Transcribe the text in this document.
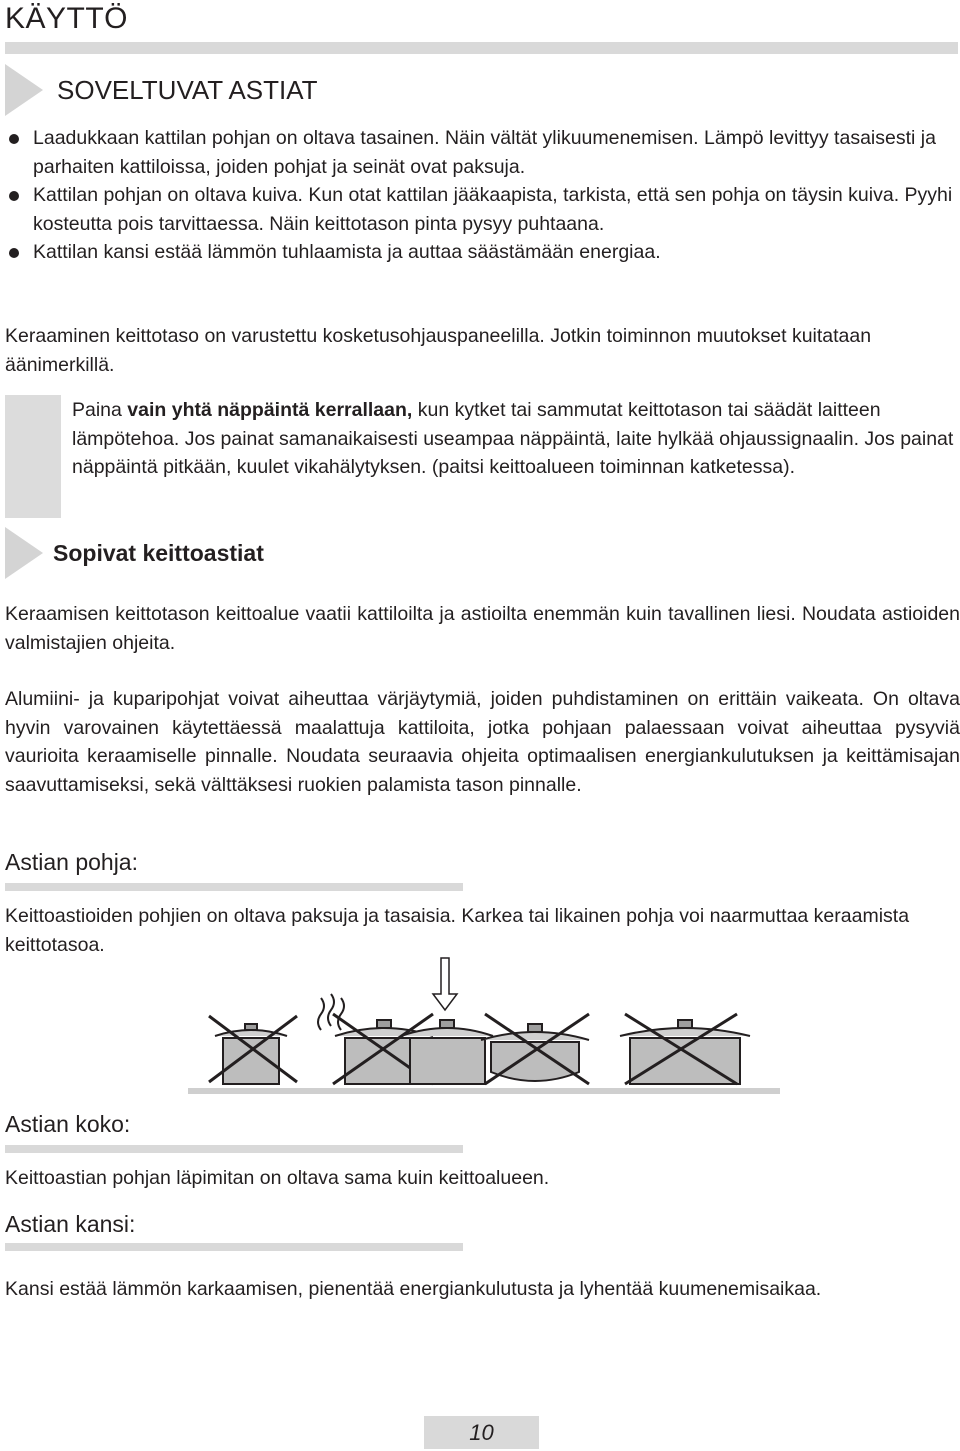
KÄYTTÖ
SOVELTUVAT ASTIAT
Laadukkaan kattilan pohjan on oltava tasainen. Näin vältät ylikuumenemisen. Lämpö levittyy tasaisesti ja parhaiten kattiloissa, joiden pohjat ja seinät ovat paksuja.
Kattilan pohjan on oltava kuiva. Kun otat kattilan jääkaapista, tarkista, että sen pohja on täysin kuiva. Pyyhi kosteutta pois tarvittaessa. Näin keittotason pinta pysyy puhtaana.
Kattilan kansi estää lämmön tuhlaamista ja auttaa säästämään energiaa.
Keraaminen keittotaso on varustettu kosketusohjauspaneelilla. Jotkin toiminnon muutokset kuitataan äänimerkillä.
Paina vain yhtä näppäintä kerrallaan, kun kytket tai sammutat keittotason tai säädät laitteen lämpötehoa. Jos painat samanaikaisesti useampaa näppäintä, laite hylkää ohjaussignaalin. Jos painat näppäintä pitkään, kuulet vikahälytyksen. (paitsi keittoalueen toiminnan katketessa).
Sopivat keittoastiat
Keraamisen keittotason keittoalue vaatii kattiloilta ja astioilta enemmän kuin tavallinen liesi. Noudata astioiden valmistajien ohjeita.
Alumiini- ja kuparipohjat voivat aiheuttaa värjäytymiä, joiden puhdistaminen on erittäin vaikeata. On oltava hyvin varovainen käytettäessä maalattuja kattiloita, jotka pohjaan palaessaan voivat aiheuttaa pysyviä vaurioita keraamiselle pinnalle. Noudata seuraavia ohjeita optimaalisen energiankulutuksen ja keittämisajan saavuttamiseksi, sekä välttäksesi ruokien palamista tason pinnalle.
Astian pohja:
Keittoastioiden pohjien on oltava paksuja ja tasaisia. Karkea tai likainen pohja voi naarmuttaa keraamista keittotasoa.
Astian koko:
Keittoastian pohjan läpimitan on oltava sama kuin keittoalueen.
Astian kansi:
Kansi estää lämmön karkaamisen, pienentää energiankulutusta ja lyhentää kuumenemisaikaa.
10
